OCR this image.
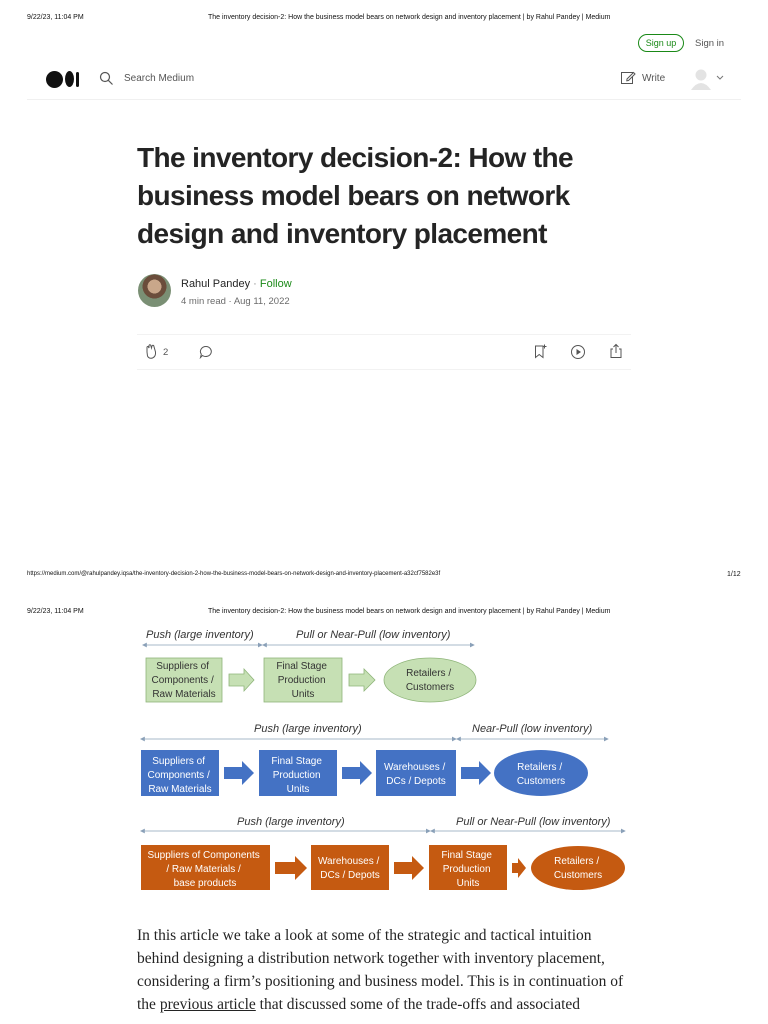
9/22/23, 11:04 PM	The inventory decision-2: How the business model bears on network design and inventory placement | by Rahul Pandey | Medium
Sign up	Sign in
Search Medium	Write
The inventory decision-2: How the business model bears on network design and inventory placement
Rahul Pandey · Follow
4 min read · Aug 11, 2022
2
https://medium.com/@rahulpandey.iqsa/the-inventory-decision-2-how-the-business-model-bears-on-network-design-and-inventory-placement-a32cf7582e3f	1/12
9/22/23, 11:04 PM	The inventory decision-2: How the business model bears on network design and inventory placement | by Rahul Pandey | Medium
Push (large inventory)	Pull or Near-Pull (low inventory)
Suppliers of Components / Raw Materials
Final Stage Production Units
Retailers / Customers
Push (large inventory)	Near-Pull (low inventory)
Suppliers of Components / Raw Materials
Final Stage Production Units
Warehouses / DCs / Depots
Retailers / Customers
Push (large inventory)	Pull or Near-Pull (low inventory)
Suppliers of Components / Raw Materials / base products
Warehouses / DCs / Depots
Final Stage Production Units
Retailers / Customers
In this article we take a look at some of the strategic and tactical intuition behind designing a distribution network together with inventory placement, considering a firm’s positioning and business model. This is in continuation of the previous article that discussed some of the trade-offs and associated
